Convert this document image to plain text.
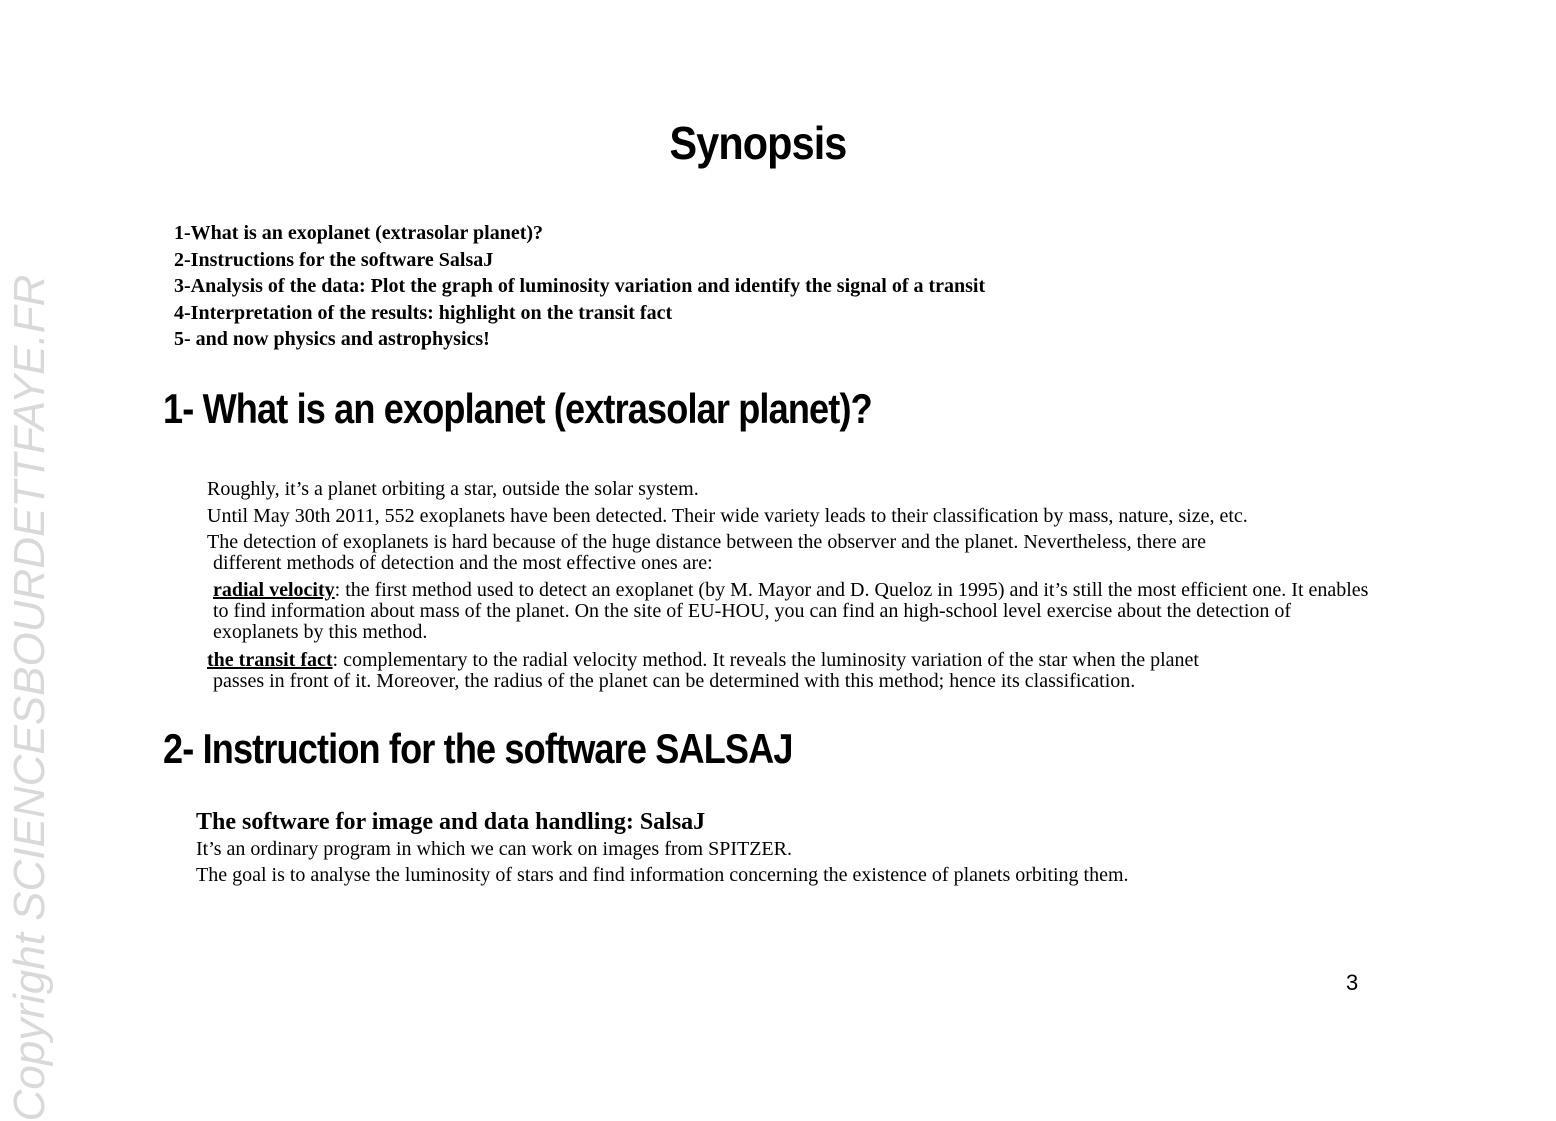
Copyright SCIENCESBOURDETTFAYE.FR
Synopsis
1-What is an exoplanet (extrasolar planet)?
2-Instructions for the software SalsaJ
3-Analysis of the data: Plot the graph of luminosity variation and identify the signal of a transit
4-Interpretation of the results: highlight on the transit fact
5- and now physics and astrophysics!
1- What is an exoplanet (extrasolar planet)?
Roughly, it’s a planet orbiting a star, outside the solar system.
Until May 30th 2011, 552 exoplanets have been detected. Their wide variety leads to their classification by mass, nature, size, etc.
The detection of exoplanets is hard because of the huge distance between the observer and the planet. Nevertheless, there are
different methods of detection and the most effective ones are:
radial velocity: the first method used to detect an exoplanet (by M. Mayor and D. Queloz in 1995) and it’s still the most efficient one. It enables to find information about mass of the planet. On the site of EU-HOU, you can find an high-school level exercise about the detection of exoplanets by this method.
the transit fact: complementary to the radial velocity method. It reveals the luminosity variation of the star when the planet
passes in front of it. Moreover, the radius of the planet can be determined with this method; hence its classification.
2- Instruction for the software SALSAJ
The software for image and data handling: SalsaJ
It’s an ordinary program in which we can work on images from SPITZER.
The goal is to analyse the luminosity of stars and find information concerning the existence of planets orbiting them.
3
